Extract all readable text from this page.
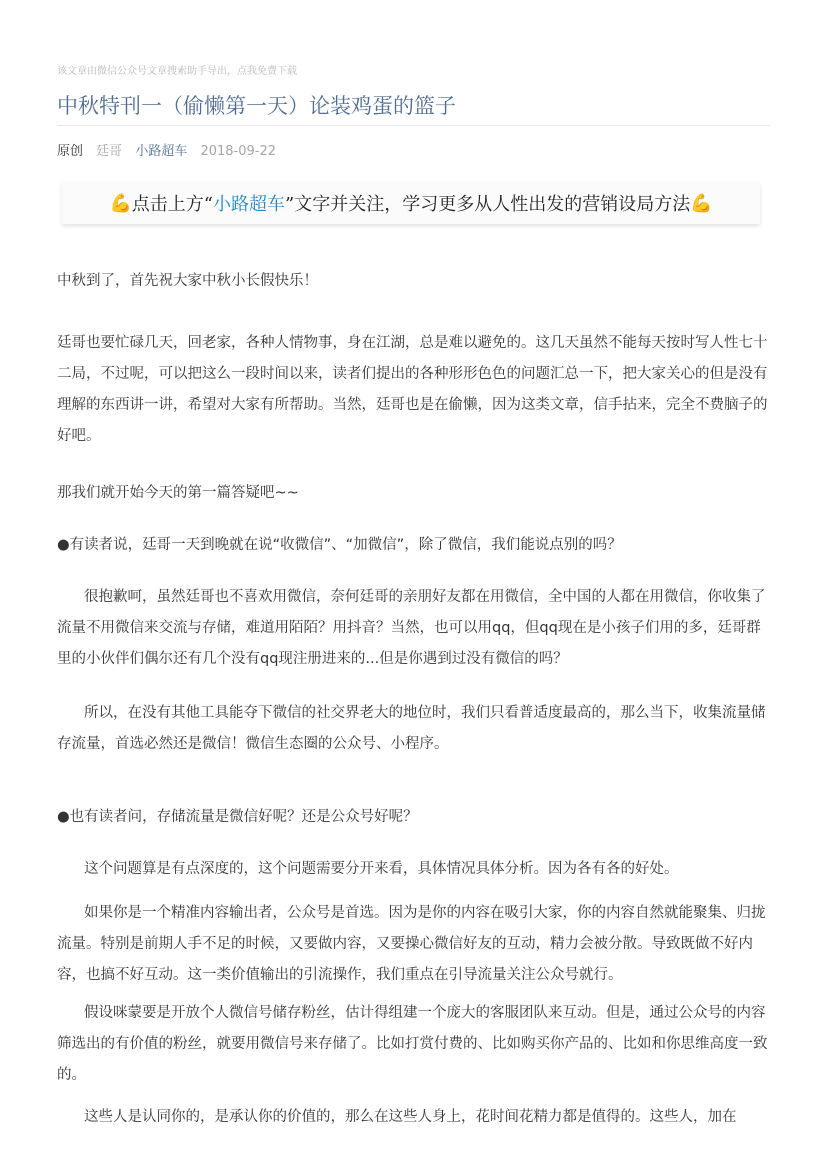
该文章由微信公众号文章搜索助手导出，点我免费下载
中秋特刊一（偷懒第一天）论装鸡蛋的篮子
原创 廷哥 小路超车 2018-09-22
💪 点击上方“ 小路超车 ”文字并关注，学习更多从人性出发的营销设局方法 💪

中秋到了，首先祝大家中秋小长假快乐！

廷哥也要忙碌几天，回老家，各种人情物事，身在江湖，总是难以避免的。这几天虽然不能每天按时写人性七十二局，不过呢，可以把这么一段时间以来，读者们提出的各种形形色色的问题汇总一下，把大家关心的但是没有理解的东西讲一讲，希望对大家有所帮助。当然，廷哥也是在偷懒，因为这类文章，信手拈来，完全不费脑子的好吧。

那我们就开始今天的第一篇答疑吧~~

●有读者说，廷哥一天到晚就在说“收微信”、“加微信”，除了微信，我们能说点别的吗？

很抱歉呵，虽然廷哥也不喜欢用微信，奈何廷哥的亲朋好友都在用微信，全中国的人都在用微信，你收集了流量不用微信来交流与存储，难道用陌陌？用抖音？当然，也可以用qq，但qq现在是小孩子们用的多，廷哥群里的小伙伴们偶尔还有几个没有qq现注册进来的...但是你遇到过没有微信的吗？

所以，在没有其他工具能夺下微信的社交界老大的地位时，我们只看普适度最高的，那么当下，收集流量储存流量，首选必然还是微信！微信生态圈的公众号、小程序。

●也有读者问，存储流量是微信好呢？还是公众号好呢？

这个问题算是有点深度的，这个问题需要分开来看，具体情况具体分析。因为各有各的好处。

如果你是一个精准内容输出者，公众号是首选。因为是你的内容在吸引大家，你的内容自然就能聚集、归拢流量。特别是前期人手不足的时候，又要做内容，又要操心微信好友的互动，精力会被分散。导致既做不好内容，也搞不好互动。这一类价值输出的引流操作，我们重点在引导流量关注公众号就行。

假设咪蒙要是开放个人微信号储存粉丝，估计得组建一个庞大的客服团队来互动。但是，通过公众号的内容筛选出的有价值的粉丝，就要用微信号来存储了。比如打赏付费的、比如购买你产品的、比如和你思维高度一致的。

这些人是认同你的，是承认你的价值的，那么在这些人身上，花时间花精力都是值得的。这些人，加在
